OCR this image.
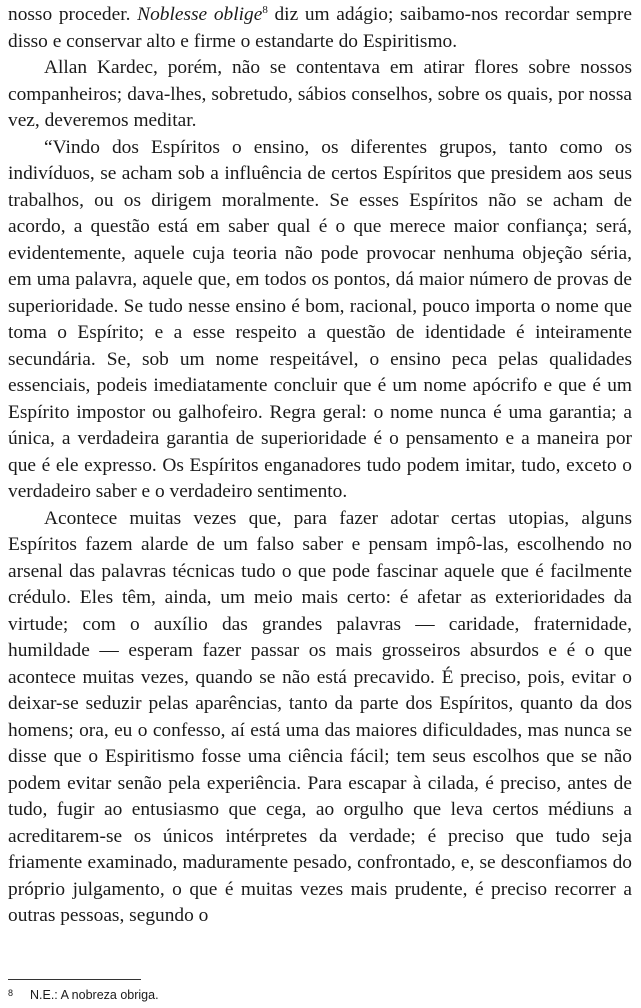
nosso proceder. Noblesse oblige$^8$ diz um adágio; saibamo-nos recordar sempre disso e conservar alto e firme o estandarte do Espiritismo.

Allan Kardec, porém, não se contentava em atirar flores sobre nossos companheiros; dava-lhes, sobretudo, sábios conselhos, sobre os quais, por nossa vez, deveremos meditar.

“Vindo dos Espíritos o ensino, os diferentes grupos, tanto como os indivíduos, se acham sob a influência de certos Espíritos que presidem aos seus trabalhos, ou os dirigem moralmente. Se esses Espíritos não se acham de acordo, a questão está em saber qual é o que merece maior confiança; será, evidentemente, aquele cuja teoria não pode provocar nenhuma objeção séria, em uma palavra, aquele que, em todos os pontos, dá maior número de provas de superioridade. Se tudo nesse ensino é bom, racional, pouco importa o nome que toma o Espírito; e a esse respeito a questão de identidade é inteiramente secundária. Se, sob um nome respeitável, o ensino peca pelas qualidades essenciais, podeis imediatamente concluir que é um nome apócrifo e que é um Espírito impostor ou galhofeiro. Regra geral: o nome nunca é uma garantia; a única, a verdadeira garantia de superioridade é o pensamento e a maneira por que é ele expresso. Os Espíritos enganadores tudo podem imitar, tudo, exceto o verdadeiro saber e o verdadeiro sentimento.

Acontece muitas vezes que, para fazer adotar certas utopias, alguns Espíritos fazem alarde de um falso saber e pensam impô-las, escolhendo no arsenal das palavras técnicas tudo o que pode fascinar aquele que é facilmente crédulo. Eles têm, ainda, um meio mais certo: é afetar as exterioridades da virtude; com o auxílio das grandes palavras — caridade, fraternidade, humildade — esperam fazer passar os mais grosseiros absurdos e é o que acontece muitas vezes, quando se não está precavido. É preciso, pois, evitar o deixar-se seduzir pelas aparências, tanto da parte dos Espíritos, quanto da dos homens; ora, eu o confesso, aí está uma das maiores dificuldades, mas nunca se disse que o Espiritismo fosse uma ciência fácil; tem seus escolhos que se não podem evitar senão pela experiência. Para escapar à cilada, é preciso, antes de tudo, fugir ao entusiasmo que cega, ao orgulho que leva certos médiuns a acreditarem-se os únicos intérpretes da verdade; é preciso que tudo seja friamente examinado, maduramente pesado, confrontado, e, se desconfiamos do próprio julgamento, o que é muitas vezes mais prudente, é preciso recorrer a outras pessoas, segundo o

8 N.E.: A nobreza obriga.
